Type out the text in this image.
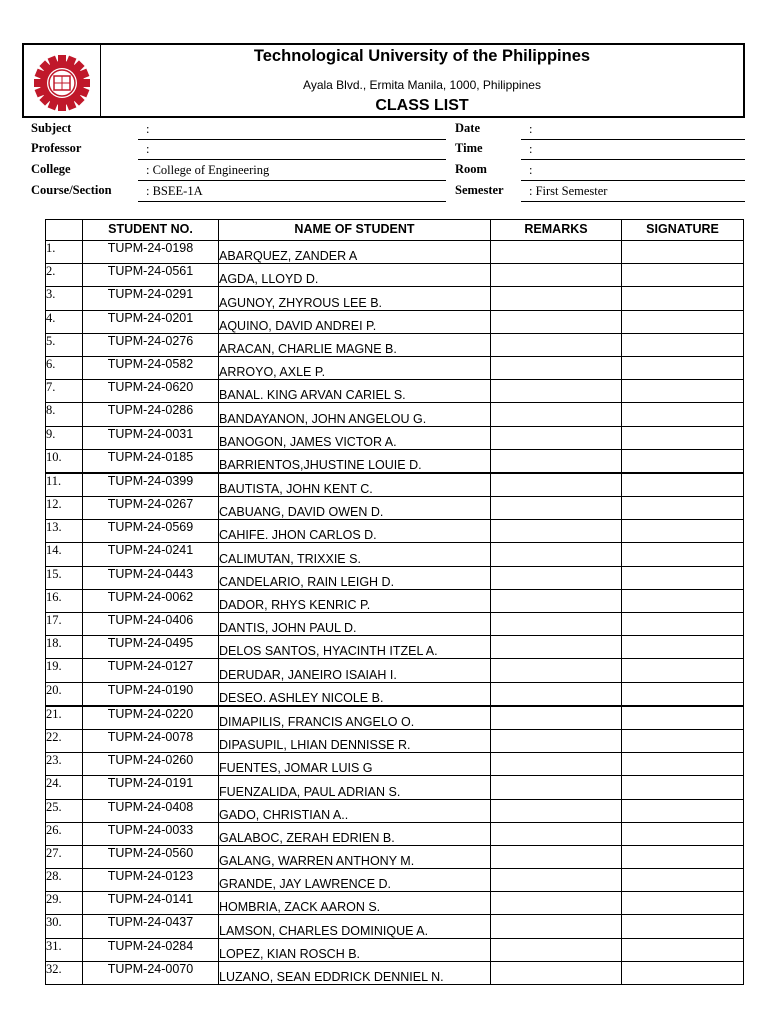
Technological University of the Philippines
Ayala Blvd., Ermita Manila, 1000, Philippines
CLASS LIST
Subject	:
Professor	:
College	: College of Engineering
Course/Section	: BSEE-1A
Date	:
Time	:
Room	:
Semester	: First Semester
	STUDENT NO.	NAME OF STUDENT	REMARKS	SIGNATURE
1.	TUPM-24-0198	ABARQUEZ, ZANDER A		
2.	TUPM-24-0561	AGDA, LLOYD D.		
3.	TUPM-24-0291	AGUNOY, ZHYROUS LEE B.		
4.	TUPM-24-0201	AQUINO, DAVID ANDREI P.		
5.	TUPM-24-0276	ARACAN, CHARLIE MAGNE B.		
6.	TUPM-24-0582	ARROYO, AXLE P.		
7.	TUPM-24-0620	BANAL. KING ARVAN CARIEL S.		
8.	TUPM-24-0286	BANDAYANON, JOHN ANGELOU G.		
9.	TUPM-24-0031	BANOGON, JAMES VICTOR A.		
10.	TUPM-24-0185	BARRIENTOS,JHUSTINE LOUIE D.		
11.	TUPM-24-0399	BAUTISTA, JOHN KENT C.		
12.	TUPM-24-0267	CABUANG, DAVID OWEN D.		
13.	TUPM-24-0569	CAHIFE. JHON CARLOS D.		
14.	TUPM-24-0241	CALIMUTAN, TRIXXIE S.		
15.	TUPM-24-0443	CANDELARIO, RAIN LEIGH D.		
16.	TUPM-24-0062	DADOR, RHYS KENRIC P.		
17.	TUPM-24-0406	DANTIS, JOHN PAUL D.		
18.	TUPM-24-0495	DELOS SANTOS, HYACINTH ITZEL A.		
19.	TUPM-24-0127	DERUDAR, JANEIRO ISAIAH I.		
20.	TUPM-24-0190	DESEO. ASHLEY NICOLE B.		
21.	TUPM-24-0220	DIMAPILIS, FRANCIS ANGELO O.		
22.	TUPM-24-0078	DIPASUPIL, LHIAN DENNISSE R.		
23.	TUPM-24-0260	FUENTES, JOMAR LUIS G		
24.	TUPM-24-0191	FUENZALIDA, PAUL ADRIAN S.		
25.	TUPM-24-0408	GADO, CHRISTIAN A..		
26.	TUPM-24-0033	GALABOC, ZERAH EDRIEN B.		
27.	TUPM-24-0560	GALANG, WARREN ANTHONY M.		
28.	TUPM-24-0123	GRANDE, JAY LAWRENCE D.		
29.	TUPM-24-0141	HOMBRIA, ZACK AARON S.		
30.	TUPM-24-0437	LAMSON, CHARLES DOMINIQUE A.		
31.	TUPM-24-0284	LOPEZ, KIAN ROSCH B.		
32.	TUPM-24-0070	LUZANO, SEAN EDDRICK DENNIEL N.		
